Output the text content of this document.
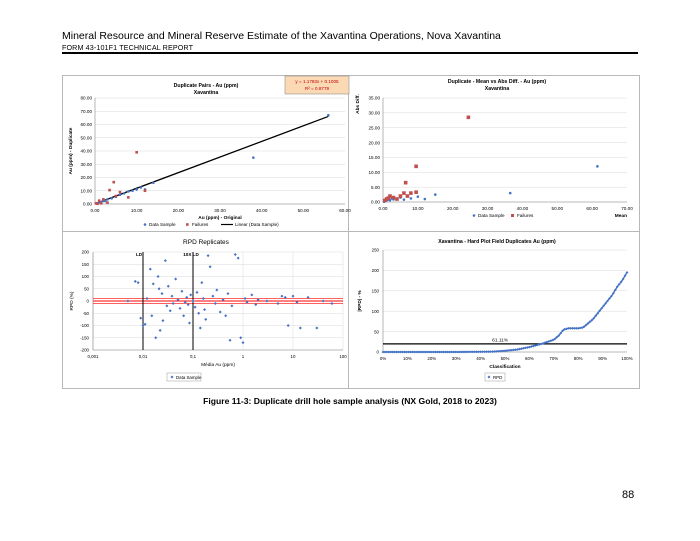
Mineral Resource and Mineral Reserve Estimate of the Xavantina Operations, Nova Xavantina
FORM 43-101F1 TECHNICAL REPORT
Duplicate Pairs - Au (ppm)
Xavantina
0.00
10.00
20.00
30.00
40.00
50.00
60.00
70.00
80.00
0.00	10.00	20.00	30.00	40.00	50.00	60.00
Au (ppm) - Original
Au (ppm) - Duplicate
y = 1.1783x + 0.1005
R² = 0.8779
Data Sample	Failures	Linear (Data Sample)
Duplicate - Mean vs Abs Diff. - Au (ppm)
Xavantina
0.00
5.00
10.00
15.00
20.00
25.00
30.00
35.00
0.00	10.00	20.00	30.00	40.00	50.00	60.00	70.00
Mean
Abs Diff.
Data Sample	Failures
RPD Replicates
-200
-150
-100
-50
0
50
100
150
200
0,001	0,01	0,1	1	10	100
Média Au (ppm)
RPD (%)
LD	10X LD
Data Sample
Xavantina - Hard Plot Field Duplicates Au (ppm)
0
50
100
150
200
250
0%	10%	20%	30%	40%	50%	60%	70%	80%	90%	100%
Classification
|RPD| - %
61.11%
RPD
Figure 11-3: Duplicate drill hole sample analysis (NX Gold, 2018 to 2023)
88
